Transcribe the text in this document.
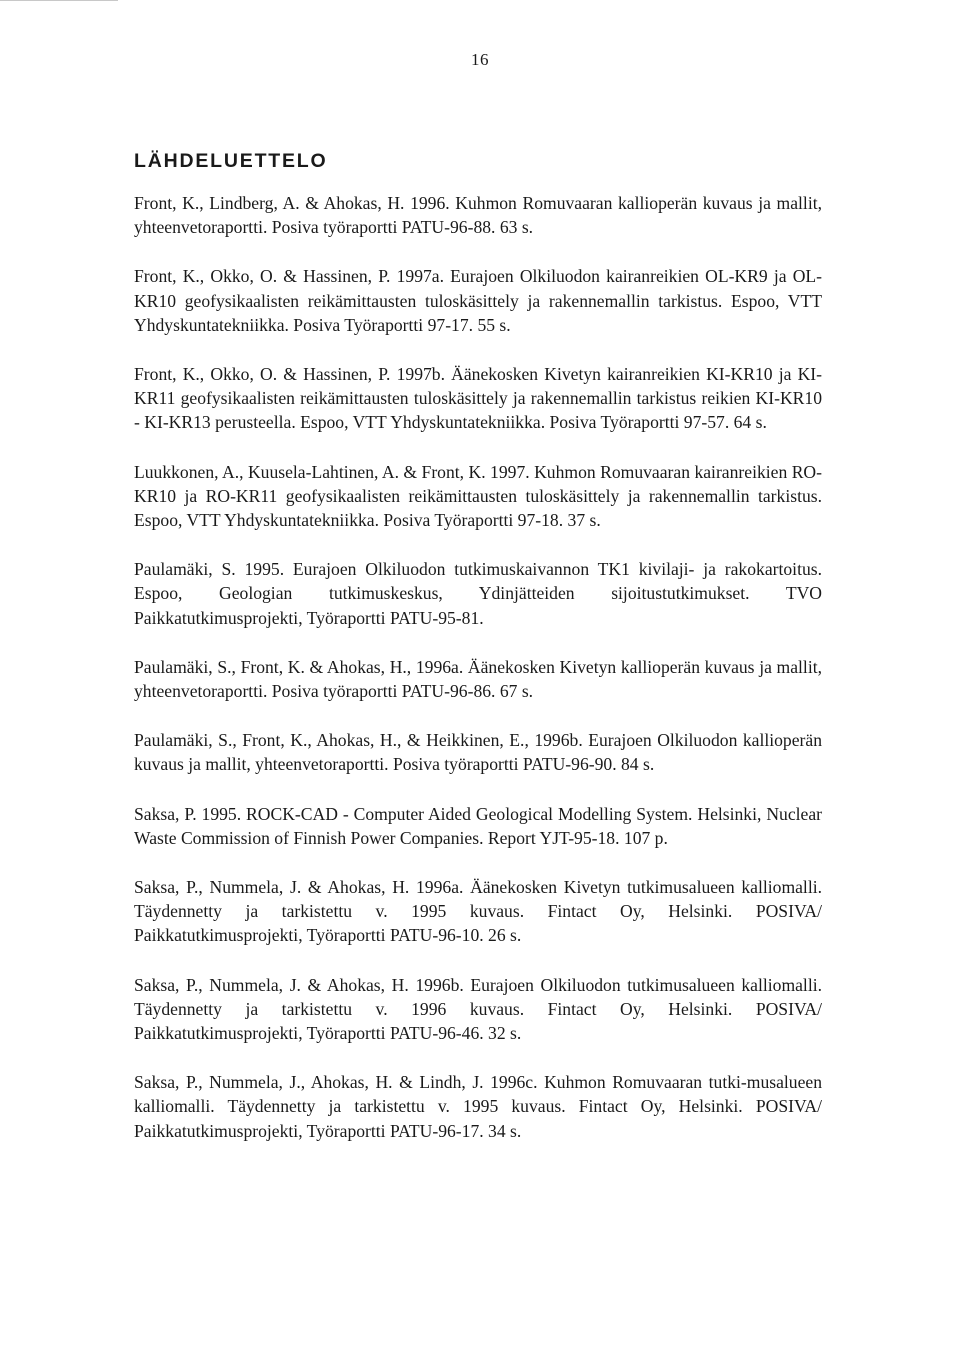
16
LÄHDELUETTELO
Front, K., Lindberg, A. & Ahokas, H. 1996. Kuhmon Romuvaaran kallioperän kuvaus ja mallit, yhteenvetoraportti. Posiva työraportti PATU-96-88. 63 s.
Front, K., Okko, O. & Hassinen, P. 1997a. Eurajoen Olkiluodon kairanreikien OL-KR9 ja OL-KR10 geofysikaalisten reikämittausten tuloskäsittely ja rakennemallin tarkistus. Espoo, VTT Yhdyskuntatekniikka. Posiva Työraportti 97-17. 55 s.
Front, K., Okko, O. & Hassinen, P. 1997b. Äänekosken Kivetyn kairanreikien KI-KR10 ja KI-KR11 geofysikaalisten reikämittausten tuloskäsittely ja rakennemallin tarkistus reikien KI-KR10 - KI-KR13 perusteella. Espoo, VTT Yhdyskuntatekniikka. Posiva Työraportti 97-57. 64 s.
Luukkonen, A., Kuusela-Lahtinen, A. & Front, K. 1997. Kuhmon Romuvaaran kairanreikien RO-KR10 ja RO-KR11 geofysikaalisten reikämittausten tuloskäsittely ja rakennemallin tarkistus. Espoo, VTT Yhdyskuntatekniikka. Posiva Työraportti 97-18. 37 s.
Paulamäki, S. 1995. Eurajoen Olkiluodon tutkimuskaivannon TK1 kivilaji- ja rakokartoitus. Espoo, Geologian tutkimuskeskus, Ydinjätteiden sijoitustutkimukset. TVO Paikkatutkimusprojekti, Työraportti PATU-95-81.
Paulamäki, S., Front, K. & Ahokas, H., 1996a. Äänekosken Kivetyn kallioperän kuvaus ja mallit, yhteenvetoraportti. Posiva työraportti PATU-96-86. 67 s.
Paulamäki, S., Front, K., Ahokas, H., & Heikkinen, E., 1996b. Eurajoen Olkiluodon kallioperän kuvaus ja mallit, yhteenvetoraportti. Posiva työraportti PATU-96-90. 84 s.
Saksa, P. 1995. ROCK-CAD - Computer Aided Geological Modelling System. Helsinki, Nuclear Waste Commission of Finnish Power Companies. Report YJT-95-18. 107 p.
Saksa, P., Nummela, J. & Ahokas, H. 1996a. Äänekosken Kivetyn tutkimusalueen kalliomalli. Täydennetty ja tarkistettu v. 1995 kuvaus. Fintact Oy, Helsinki. POSIVA/ Paikkatutkimusprojekti, Työraportti PATU-96-10. 26 s.
Saksa, P., Nummela, J. & Ahokas, H. 1996b. Eurajoen Olkiluodon tutkimusalueen kalliomalli. Täydennetty ja tarkistettu v. 1996 kuvaus. Fintact Oy, Helsinki. POSIVA/ Paikkatutkimusprojekti, Työraportti PATU-96-46. 32 s.
Saksa, P., Nummela, J., Ahokas, H. & Lindh, J. 1996c. Kuhmon Romuvaaran tutki-musalueen kalliomalli. Täydennetty ja tarkistettu v. 1995 kuvaus. Fintact Oy, Helsinki. POSIVA/ Paikkatutkimusprojekti, Työraportti PATU-96-17. 34 s.
